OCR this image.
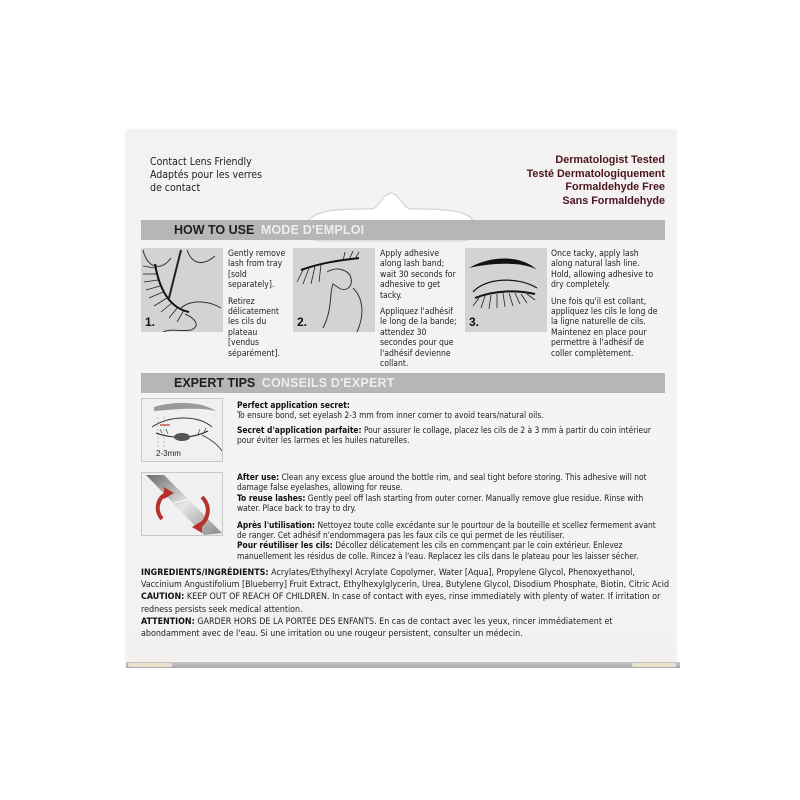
Contact Lens Friendly
Adaptés pour les verres
de contact
Dermatologist Tested
Testé Dermatologiquement
Formaldehyde Free
Sans Formaldehyde
HOW TO USE MODE D'EMPLOI
1.

Gently remove lash from tray [sold separately].

Retirez délicatement les cils du plateau [vendus séparément].

2.

Apply adhesive along lash band; wait 30 seconds for adhesive to get tacky.

Appliquez l'adhésif le long de la bande; attendez 30 secondes pour que l'adhésif devienne collant.

3.

Once tacky, apply lash along natural lash line. Hold, allowing adhesive to dry completely.

Une fois qu'il est collant, appliquez les cils le long de la ligne naturelle de cils. Maintenez en place pour permettre à l'adhésif de coller complètement.

EXPERT TIPS CONSEILS D'EXPERT
2-3mm

Perfect application secret:
To ensure bond, set eyelash 2-3 mm from inner corner to avoid tears/natural oils.

Secret d'application parfaite: Pour assurer le collage, placez les cils de 2 à 3 mm à partir du coin intérieur pour éviter les larmes et les huiles naturelles.

After use: Clean any excess glue around the bottle rim, and seal tight before storing. This adhesive will not damage false eyelashes, allowing for reuse.
To reuse lashes: Gently peel off lash starting from outer corner. Manually remove glue residue. Rinse with water. Place back to tray to dry.

Après l'utilisation: Nettoyez toute colle excédante sur le pourtour de la bouteille et scellez fermement avant de ranger. Cet adhésif n'endommagera pas les faux cils ce qui permet de les réutiliser.
Pour réutiliser les cils: Décollez délicatement les cils en commençant par le coin extérieur. Enlevez manuellement les résidus de colle. Rincez à l'eau. Replacez les cils dans le plateau pour les laisser sécher.

INGREDIENTS/INGRÉDIENTS: Acrylates/Ethylhexyl Acrylate Copolymer, Water [Aqua], Propylene Glycol, Phenoxyethanol, Vaccinium Angustifolium [Blueberry] Fruit Extract, Ethylhexylglycerin, Urea, Butylene Glycol, Disodium Phosphate, Biotin, Citric Acid

CAUTION: KEEP OUT OF REACH OF CHILDREN. In case of contact with eyes, rinse immediately with plenty of water. If irritation or redness persists seek medical attention.

ATTENTION: GARDER HORS DE LA PORTÉE DES ENFANTS. En cas de contact avec les yeux, rincer immédiatement et abondamment avec de l'eau. Si une irritation ou une rougeur persistent, consulter un médecin.
